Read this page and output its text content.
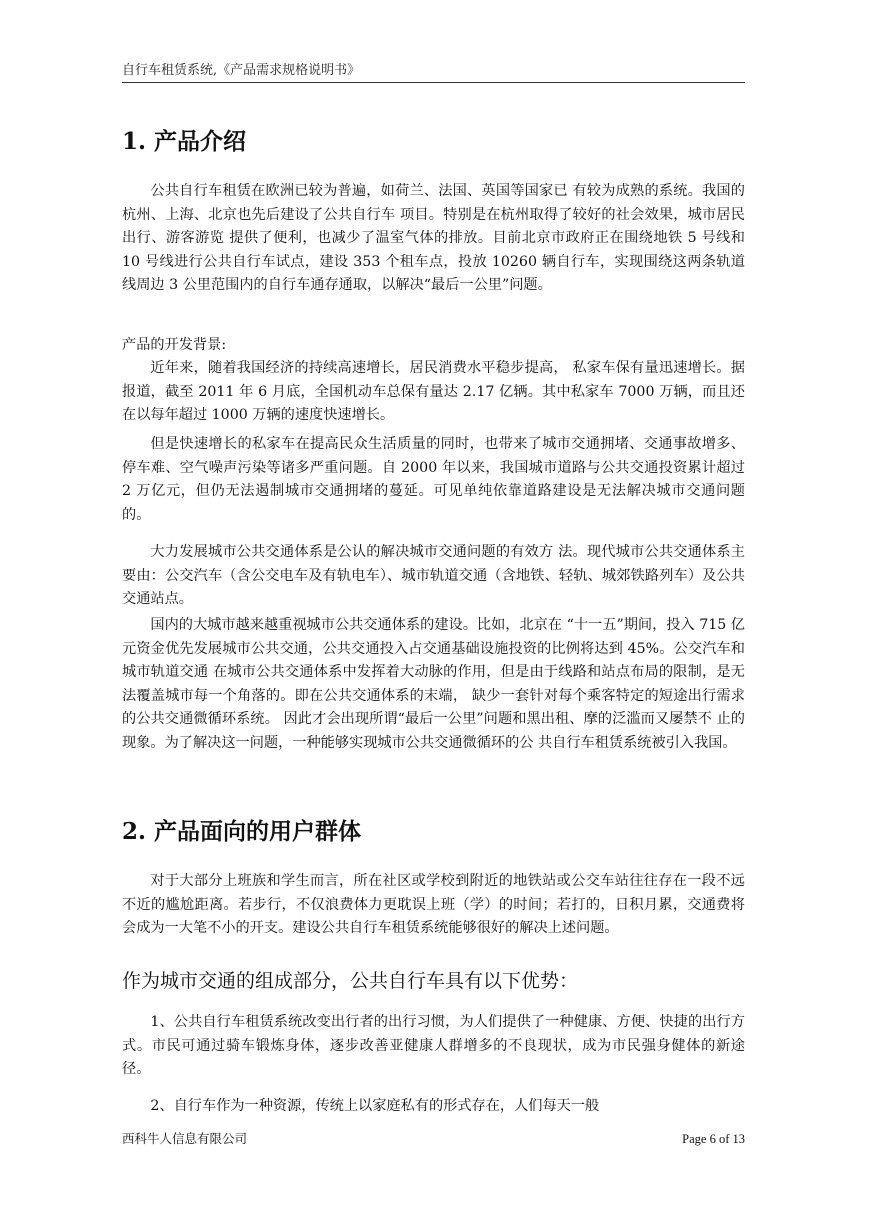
自行车租赁系统,《产品需求规格说明书》
1. 产品介绍

公共自行车租赁在欧洲已较为普遍，如荷兰、法国、英国等国家已 有较为成熟的系统。我国的杭州、上海、北京也先后建设了公共自行车 项目。特别是在杭州取得了较好的社会效果，城市居民出行、游客游览 提供了便利，也减少了温室气体的排放。目前北京市政府正在围绕地铁 5 号线和 10 号线进行公共自行车试点，建设 353 个租车点，投放 10260 辆自行车，实现围绕这两条轨道线周边 3 公里范围内的自行车通存通取，以解决“最后一公里”问题。

产品的开发背景:

近年来，随着我国经济的持续高速增长，居民消费水平稳步提高， 私家车保有量迅速增长。据报道，截至 2011 年 6 月底，全国机动车总保有量达 2.17 亿辆。其中私家车 7000 万辆，而且还在以每年超过 1000 万辆的速度快速增长。

但是快速增长的私家车在提高民众生活质量的同时，也带来了城市交通拥堵、交通事故增多、停车难、空气噪声污染等诸多严重问题。自 2000 年以来，我国城市道路与公共交通投资累计超过 2 万亿元，但仍无法遏制城市交通拥堵的蔓延。可见单纯依靠道路建设是无法解决城市交通问题的。

大力发展城市公共交通体系是公认的解决城市交通问题的有效方 法。现代城市公共交通体系主要由：公交汽车（含公交电车及有轨电车）、城市轨道交通（含地铁、轻轨、城郊铁路列车）及公共交通站点。

国内的大城市越来越重视城市公共交通体系的建设。比如，北京在 “十一五”期间，投入 715 亿元资金优先发展城市公共交通，公共交通投入占交通基础设施投资的比例将达到 45%。公交汽车和城市轨道交通 在城市公共交通体系中发挥着大动脉的作用，但是由于线路和站点布局的限制，是无法覆盖城市每一个角落的。即在公共交通体系的末端， 缺少一套针对每个乘客特定的短途出行需求的公共交通微循环系统。 因此才会出现所谓“最后一公里”问题和黑出租、摩的泛滥而又屡禁不 止的现象。为了解决这一问题，一种能够实现城市公共交通微循环的公 共自行车租赁系统被引入我国。

2. 产品面向的用户群体

对于大部分上班族和学生而言，所在社区或学校到附近的地铁站或公交车站往往存在一段不远不近的尴尬距离。若步行，不仅浪费体力更耽误上班（学）的时间；若打的，日积月累，交通费将会成为一大笔不小的开支。建设公共自行车租赁系统能够很好的解决上述问题。

作为城市交通的组成部分，公共自行车具有以下优势：

1、公共自行车租赁系统改变出行者的出行习惯，为人们提供了一种健康、方便、快捷的出行方式。市民可通过骑车锻炼身体，逐步改善亚健康人群增多的不良现状，成为市民强身健体的新途径。

2、自行车作为一种资源，传统上以家庭私有的形式存在，人们每天一般

西科牛人信息有限公司	Page 6 of 13
